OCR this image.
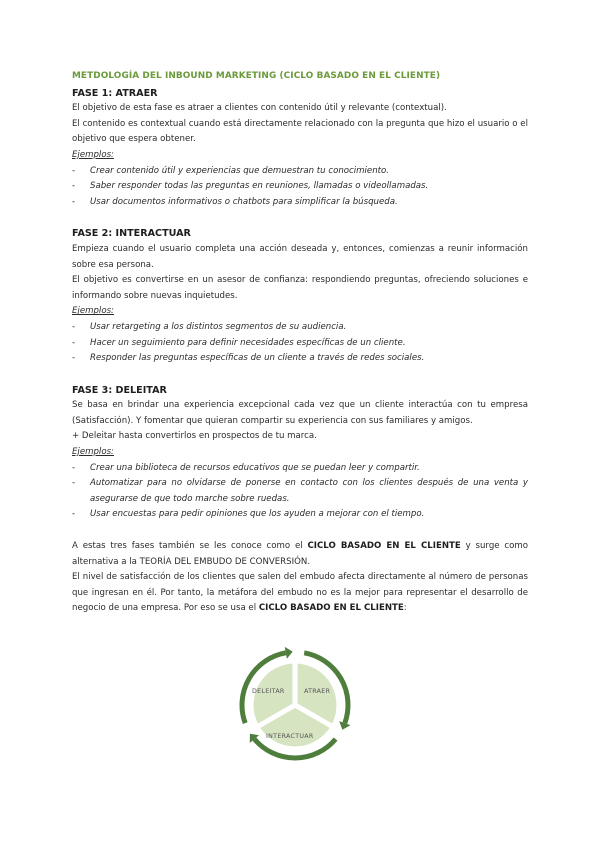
METDOLOGÍA DEL INBOUND MARKETING (CICLO BASADO EN EL CLIENTE)
FASE 1: ATRAER

El objetivo de esta fase es atraer a clientes con contenido útil y relevante (contextual).

El contenido es contextual cuando está directamente relacionado con la pregunta que hizo el usuario o el objetivo que espera obtener.

Ejemplos:

- Crear contenido útil y experiencias que demuestran tu conocimiento.
- Saber responder todas las preguntas en reuniones, llamadas o videollamadas.
- Usar documentos informativos o chatbots para simplificar la búsqueda.
FASE 2: INTERACTUAR

Empieza cuando el usuario completa una acción deseada y, entonces, comienzas a reunir información sobre esa persona.

El objetivo es convertirse en un asesor de confianza: respondiendo preguntas, ofreciendo soluciones e informando sobre nuevas inquietudes.

Ejemplos:

- Usar retargeting a los distintos segmentos de su audiencia.
- Hacer un seguimiento para definir necesidades específicas de un cliente.
- Responder las preguntas específicas de un cliente a través de redes sociales.
FASE 3: DELEITAR

Se basa en brindar una experiencia excepcional cada vez que un cliente interactúa con tu empresa (Satisfacción). Y fomentar que quieran compartir su experiencia con sus familiares y amigos.

+ Deleitar hasta convertirlos en prospectos de tu marca.

Ejemplos:

- Crear una biblioteca de recursos educativos que se puedan leer y compartir.
- Automatizar para no olvidarse de ponerse en contacto con los clientes después de una venta y asegurarse de que todo marche sobre ruedas.
- Usar encuestas para pedir opiniones que los ayuden a mejorar con el tiempo.

A estas tres fases también se les conoce como el CICLO BASADO EN EL CLIENTE y surge como alternativa a la TEORÍA DEL EMBUDO DE CONVERSIÓN.

El nivel de satisfacción de los clientes que salen del embudo afecta directamente al número de personas que ingresan en él. Por tanto, la metáfora del embudo no es la mejor para representar el desarrollo de negocio de una empresa. Por eso se usa el CICLO BASADO EN EL CLIENTE:

DELEITAR	ATRAER
INTERACTUAR
